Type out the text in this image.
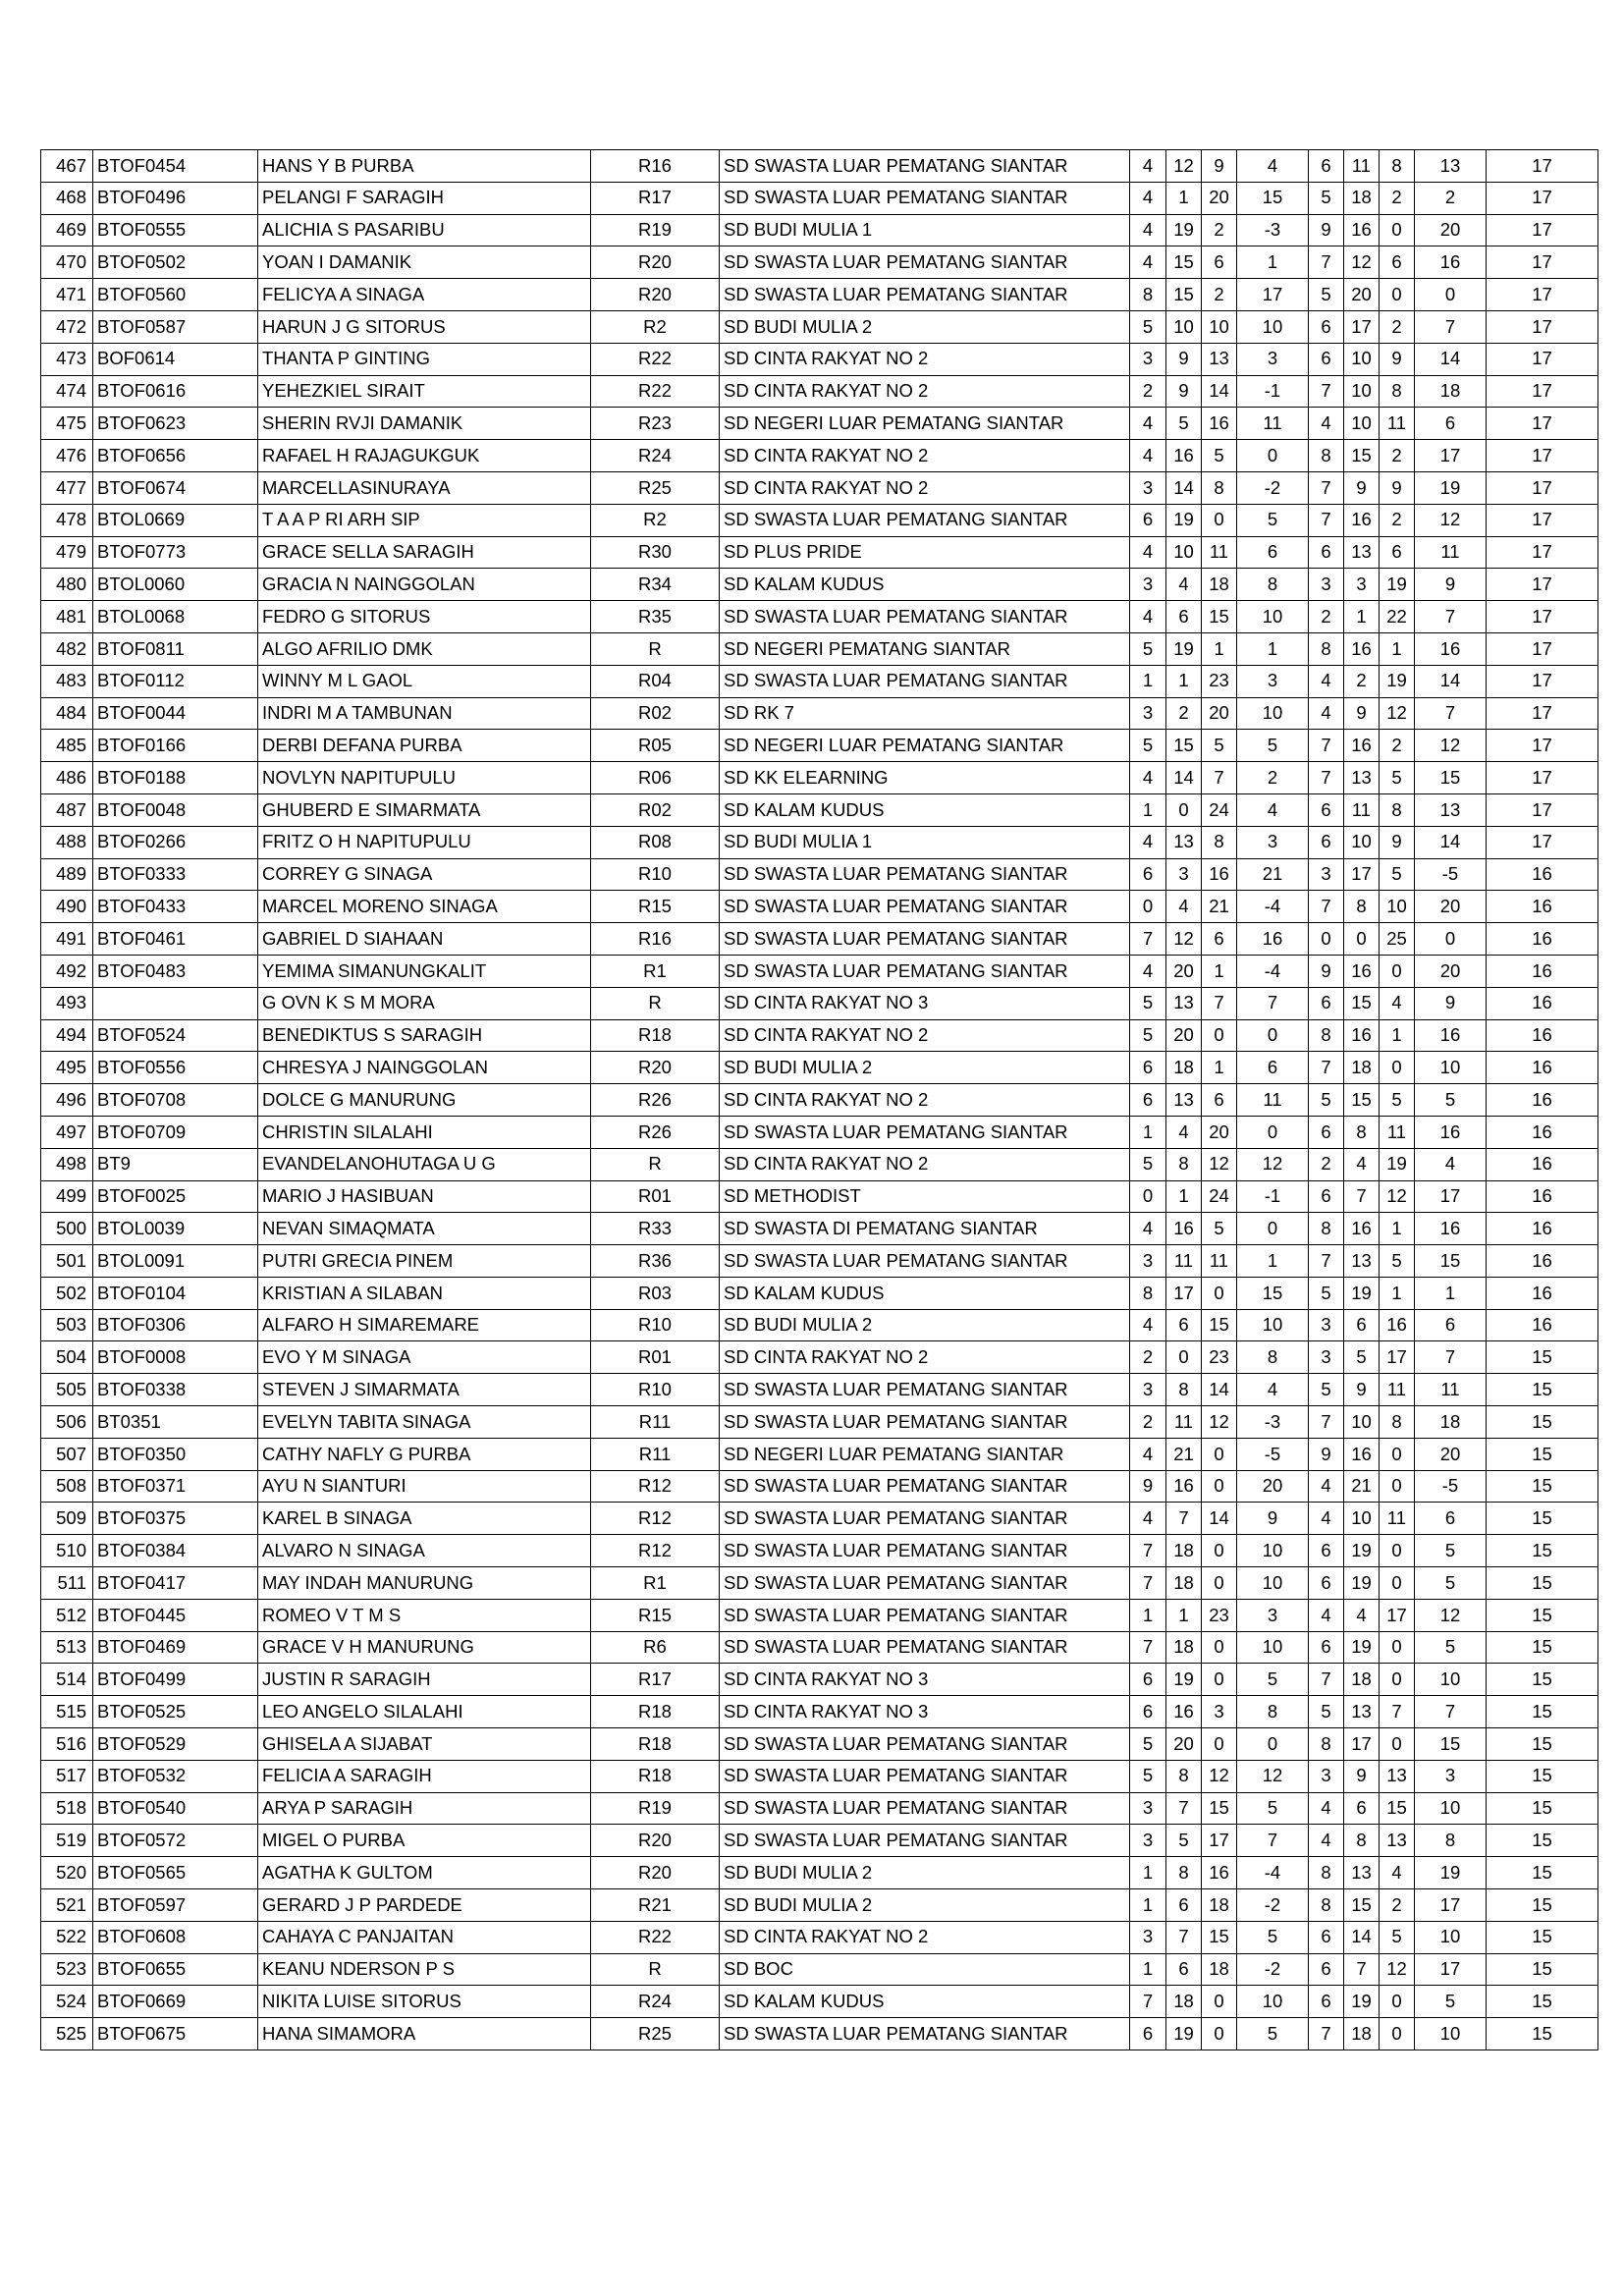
467	BTOF0454	HANS Y B PURBA	R16	SD SWASTA LUAR PEMATANG SIANTAR	4	12	9	4	6	11	8	13	17
468	BTOF0496	PELANGI F SARAGIH	R17	SD SWASTA LUAR PEMATANG SIANTAR	4	1	20	15	5	18	2	2	17
469	BTOF0555	ALICHIA S PASARIBU	R19	SD BUDI MULIA 1	4	19	2	-3	9	16	0	20	17
470	BTOF0502	YOAN I DAMANIK	R20	SD SWASTA LUAR PEMATANG SIANTAR	4	15	6	1	7	12	6	16	17
471	BTOF0560	FELICYA A SINAGA	R20	SD SWASTA LUAR PEMATANG SIANTAR	8	15	2	17	5	20	0	0	17
472	BTOF0587	HARUN J G SITORUS	R2	SD BUDI MULIA 2	5	10	10	10	6	17	2	7	17
473	BOF0614	THANTA P GINTING	R22	SD CINTA RAKYAT NO 2	3	9	13	3	6	10	9	14	17
474	BTOF0616	YEHEZKIEL SIRAIT	R22	SD CINTA RAKYAT NO 2	2	9	14	-1	7	10	8	18	17
475	BTOF0623	SHERIN RVJI DAMANIK	R23	SD NEGERI LUAR PEMATANG SIANTAR	4	5	16	11	4	10	11	6	17
476	BTOF0656	RAFAEL H RAJAGUKGUK	R24	SD CINTA RAKYAT NO 2	4	16	5	0	8	15	2	17	17
477	BTOF0674	MARCELLASINURAYA	R25	SD CINTA RAKYAT NO 2	3	14	8	-2	7	9	9	19	17
478	BTOL0669	T A A P RI ARH SIP	R2	SD SWASTA LUAR PEMATANG SIANTAR	6	19	0	5	7	16	2	12	17
479	BTOF0773	GRACE SELLA SARAGIH	R30	SD PLUS PRIDE	4	10	11	6	6	13	6	11	17
480	BTOL0060	GRACIA N NAINGGOLAN	R34	SD KALAM KUDUS	3	4	18	8	3	3	19	9	17
481	BTOL0068	FEDRO G SITORUS	R35	SD SWASTA LUAR PEMATANG SIANTAR	4	6	15	10	2	1	22	7	17
482	BTOF0811	ALGO AFRILIO DMK	R	SD NEGERI PEMATANG SIANTAR	5	19	1	1	8	16	1	16	17
483	BTOF0112	WINNY M L GAOL	R04	SD SWASTA LUAR PEMATANG SIANTAR	1	1	23	3	4	2	19	14	17
484	BTOF0044	INDRI M A TAMBUNAN	R02	SD RK 7	3	2	20	10	4	9	12	7	17
485	BTOF0166	DERBI DEFANA PURBA	R05	SD NEGERI LUAR PEMATANG SIANTAR	5	15	5	5	7	16	2	12	17
486	BTOF0188	NOVLYN NAPITUPULU	R06	SD KK ELEARNING	4	14	7	2	7	13	5	15	17
487	BTOF0048	GHUBERD E SIMARMATA	R02	SD KALAM KUDUS	1	0	24	4	6	11	8	13	17
488	BTOF0266	FRITZ O H NAPITUPULU	R08	SD BUDI MULIA 1	4	13	8	3	6	10	9	14	17
489	BTOF0333	CORREY G SINAGA	R10	SD SWASTA LUAR PEMATANG SIANTAR	6	3	16	21	3	17	5	-5	16
490	BTOF0433	MARCEL MORENO SINAGA	R15	SD SWASTA LUAR PEMATANG SIANTAR	0	4	21	-4	7	8	10	20	16
491	BTOF0461	GABRIEL D SIAHAAN	R16	SD SWASTA LUAR PEMATANG SIANTAR	7	12	6	16	0	0	25	0	16
492	BTOF0483	YEMIMA SIMANUNGKALIT	R1	SD SWASTA LUAR PEMATANG SIANTAR	4	20	1	-4	9	16	0	20	16
493		G OVN K S M MORA	R	SD CINTA RAKYAT NO 3	5	13	7	7	6	15	4	9	16
494	BTOF0524	BENEDIKTUS S SARAGIH	R18	SD CINTA RAKYAT NO 2	5	20	0	0	8	16	1	16	16
495	BTOF0556	CHRESYA J NAINGGOLAN	R20	SD BUDI MULIA 2	6	18	1	6	7	18	0	10	16
496	BTOF0708	DOLCE G MANURUNG	R26	SD CINTA RAKYAT NO 2	6	13	6	11	5	15	5	5	16
497	BTOF0709	CHRISTIN SILALAHI	R26	SD SWASTA LUAR PEMATANG SIANTAR	1	4	20	0	6	8	11	16	16
498	BT9	EVANDELANOHUTAGA U G	R	SD CINTA RAKYAT NO 2	5	8	12	12	2	4	19	4	16
499	BTOF0025	MARIO J HASIBUAN	R01	SD METHODIST	0	1	24	-1	6	7	12	17	16
500	BTOL0039	NEVAN SIMAQMATA	R33	SD SWASTA DI PEMATANG SIANTAR	4	16	5	0	8	16	1	16	16
501	BTOL0091	PUTRI GRECIA PINEM	R36	SD SWASTA LUAR PEMATANG SIANTAR	3	11	11	1	7	13	5	15	16
502	BTOF0104	KRISTIAN A SILABAN	R03	SD KALAM KUDUS	8	17	0	15	5	19	1	1	16
503	BTOF0306	ALFARO H SIMAREMARE	R10	SD BUDI MULIA 2	4	6	15	10	3	6	16	6	16
504	BTOF0008	EVO Y M SINAGA	R01	SD CINTA RAKYAT NO 2	2	0	23	8	3	5	17	7	15
505	BTOF0338	STEVEN J SIMARMATA	R10	SD SWASTA LUAR PEMATANG SIANTAR	3	8	14	4	5	9	11	11	15
506	BT0351	EVELYN TABITA SINAGA	R11	SD SWASTA LUAR PEMATANG SIANTAR	2	11	12	-3	7	10	8	18	15
507	BTOF0350	CATHY NAFLY G PURBA	R11	SD NEGERI LUAR PEMATANG SIANTAR	4	21	0	-5	9	16	0	20	15
508	BTOF0371	AYU N SIANTURI	R12	SD SWASTA LUAR PEMATANG SIANTAR	9	16	0	20	4	21	0	-5	15
509	BTOF0375	KAREL B SINAGA	R12	SD SWASTA LUAR PEMATANG SIANTAR	4	7	14	9	4	10	11	6	15
510	BTOF0384	ALVARO N SINAGA	R12	SD SWASTA LUAR PEMATANG SIANTAR	7	18	0	10	6	19	0	5	15
511	BTOF0417	MAY INDAH MANURUNG	R1	SD SWASTA LUAR PEMATANG SIANTAR	7	18	0	10	6	19	0	5	15
512	BTOF0445	ROMEO V T M S	R15	SD SWASTA LUAR PEMATANG SIANTAR	1	1	23	3	4	4	17	12	15
513	BTOF0469	GRACE V H MANURUNG	R6	SD SWASTA LUAR PEMATANG SIANTAR	7	18	0	10	6	19	0	5	15
514	BTOF0499	JUSTIN R SARAGIH	R17	SD CINTA RAKYAT NO 3	6	19	0	5	7	18	0	10	15
515	BTOF0525	LEO ANGELO SILALAHI	R18	SD CINTA RAKYAT NO 3	6	16	3	8	5	13	7	7	15
516	BTOF0529	GHISELA A SIJABAT	R18	SD SWASTA LUAR PEMATANG SIANTAR	5	20	0	0	8	17	0	15	15
517	BTOF0532	FELICIA A SARAGIH	R18	SD SWASTA LUAR PEMATANG SIANTAR	5	8	12	12	3	9	13	3	15
518	BTOF0540	ARYA P SARAGIH	R19	SD SWASTA LUAR PEMATANG SIANTAR	3	7	15	5	4	6	15	10	15
519	BTOF0572	MIGEL O PURBA	R20	SD SWASTA LUAR PEMATANG SIANTAR	3	5	17	7	4	8	13	8	15
520	BTOF0565	AGATHA K GULTOM	R20	SD BUDI MULIA 2	1	8	16	-4	8	13	4	19	15
521	BTOF0597	GERARD J P PARDEDE	R21	SD BUDI MULIA 2	1	6	18	-2	8	15	2	17	15
522	BTOF0608	CAHAYA C PANJAITAN	R22	SD CINTA RAKYAT NO 2	3	7	15	5	6	14	5	10	15
523	BTOF0655	KEANU NDERSON P S	R	SD BOC	1	6	18	-2	6	7	12	17	15
524	BTOF0669	NIKITA LUISE SITORUS	R24	SD KALAM KUDUS	7	18	0	10	6	19	0	5	15
525	BTOF0675	HANA SIMAMORA	R25	SD SWASTA LUAR PEMATANG SIANTAR	6	19	0	5	7	18	0	10	15
